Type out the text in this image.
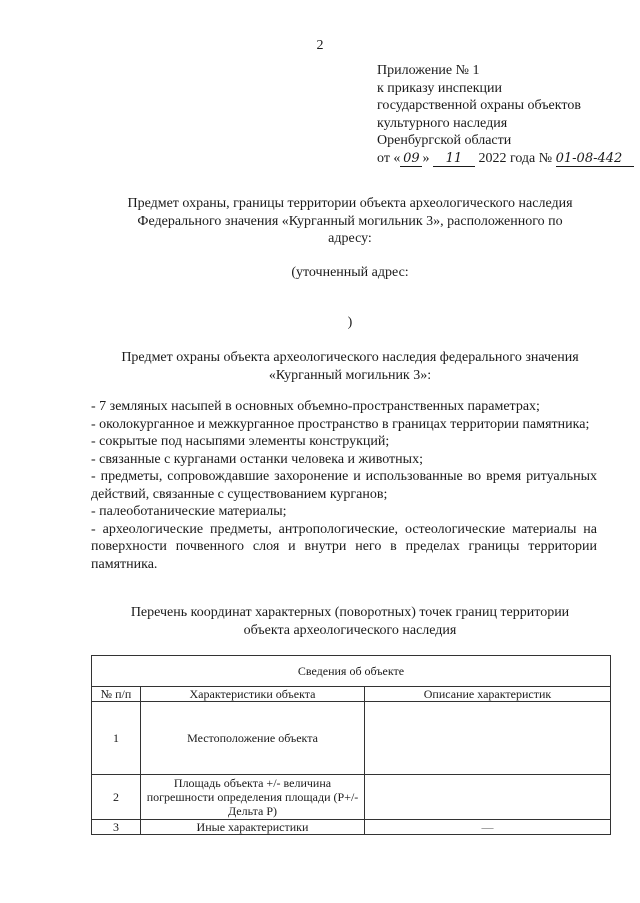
2
Приложение № 1
к приказу инспекции
государственной охраны объектов
культурного наследия
Оренбургской области
от « 09 » 11 2022 года № 01-08-442
Предмет охраны, границы территории объекта археологического наследия
Федерального значения «Курганный могильник 3», расположенного по
адресу:
(уточненный адрес:
)
Предмет охраны объекта археологического наследия федерального значения
«Курганный могильник 3»:

- 7 земляных насыпей в основных объемно-пространственных параметрах;

- околокурганное и межкурганное пространство в границах территории памятника;

- сокрытые под насыпями элементы конструкций;

- связанные с курганами останки человека и животных;

- предметы, сопровождавшие захоронение и использованные во время ритуальных действий, связанные с существованием курганов;

- палеоботанические материалы;

- археологические предметы, антропологические, остеологические материалы на поверхности почвенного слоя и внутри него в пределах границы территории памятника.

Перечень координат характерных (поворотных) точек границ территории
объекта археологического наследия
Сведения об объекте		
№ п/п	Характеристики объекта	Описание характеристик
1	Местоположение объекта	
2	Площадь объекта +/- величина погрешности определения площади (Р+/- Дельта Р)	
3	Иные характеристики	—
